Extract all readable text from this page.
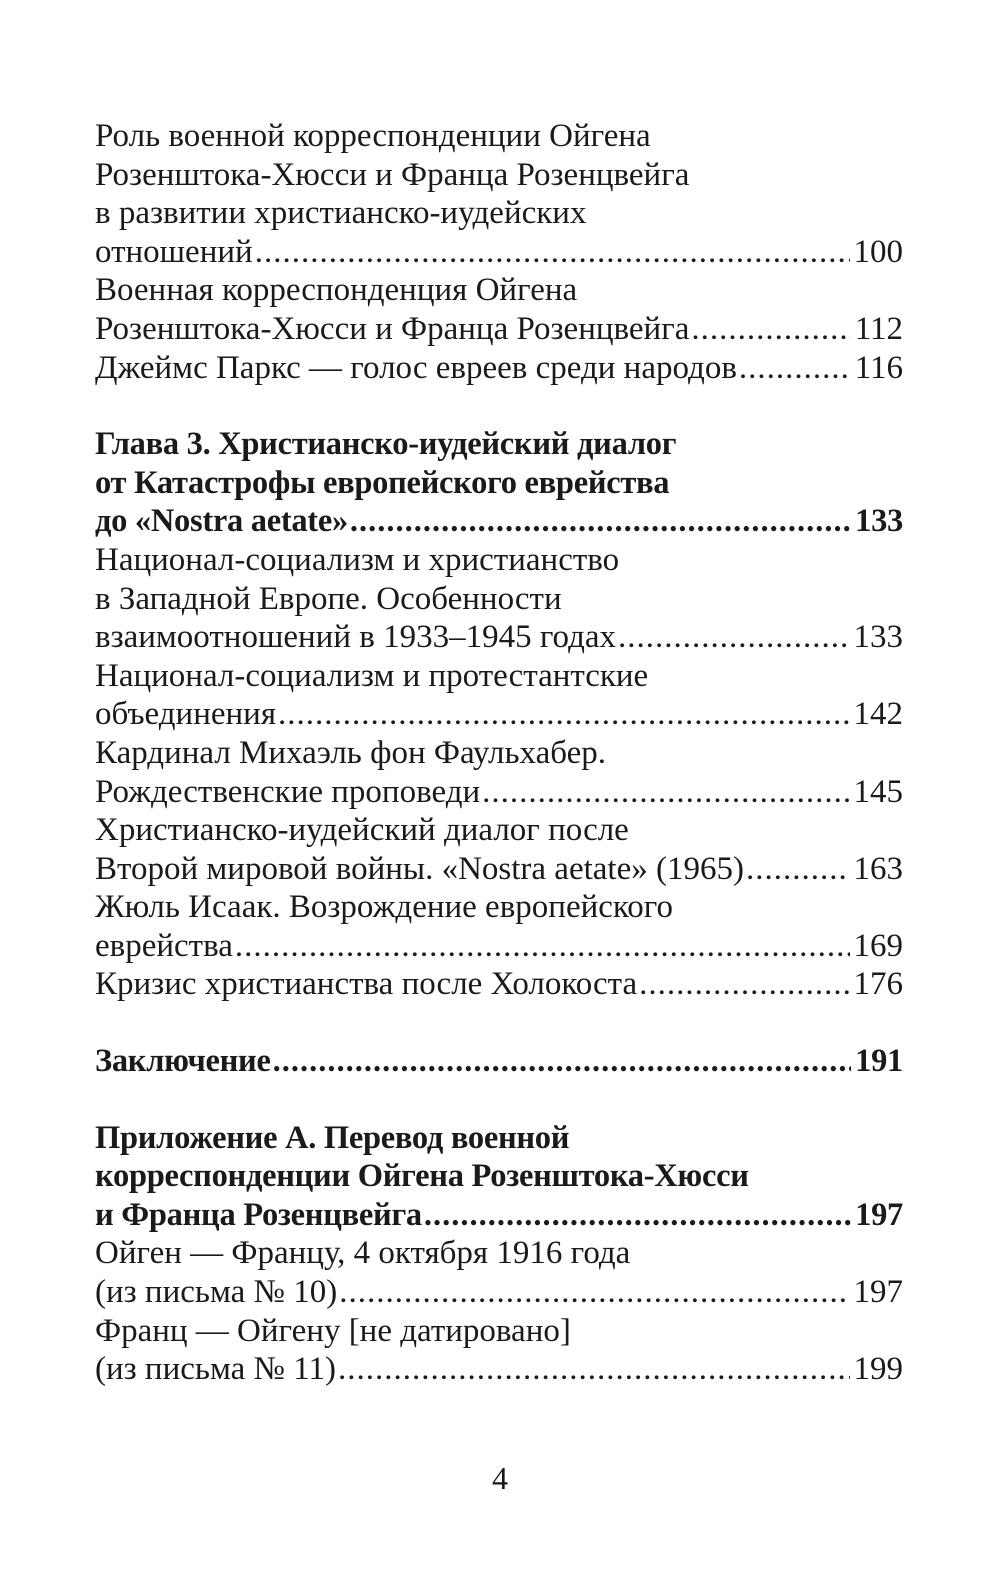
Роль военной корреспонденции Ойгена
Розенштока-Хюсси и Франца Розенцвейга
в развитии христианско-иудейских
отношений .....	100
Военная корреспонденция Ойгена
Розенштока-Хюсси и Франца Розенцвейга .....	112
Джеймс Паркс — голос евреев среди народов .....	116
Глава 3. Христианско-иудейский диалог
от Катастрофы европейского еврейства
до «Nostra aetate» .....	133
Национал-социализм и христианство
в Западной Европе. Особенности
взаимоотношений в 1933–1945 годах .....	133
Национал-социализм и протестантские
объединения .....	142
Кардинал Михаэль фон Фаульхабер.
Рождественские проповеди .....	145
Христианско-иудейский диалог после
Второй мировой войны. «Nostra aetate» (1965) .....	163
Жюль Исаак. Возрождение европейского
еврейства .....	169
Кризис христианства после Холокоста .....	176
Заключение .....	191
Приложение А. Перевод военной
корреспонденции Ойгена Розенштока-Хюсси
и Франца Розенцвейга .....	197
Ойген — Францу, 4 октября 1916 года
(из письма № 10) .....	197
Франц — Ойгену [не датировано]
(из письма № 11) .....	199
4
